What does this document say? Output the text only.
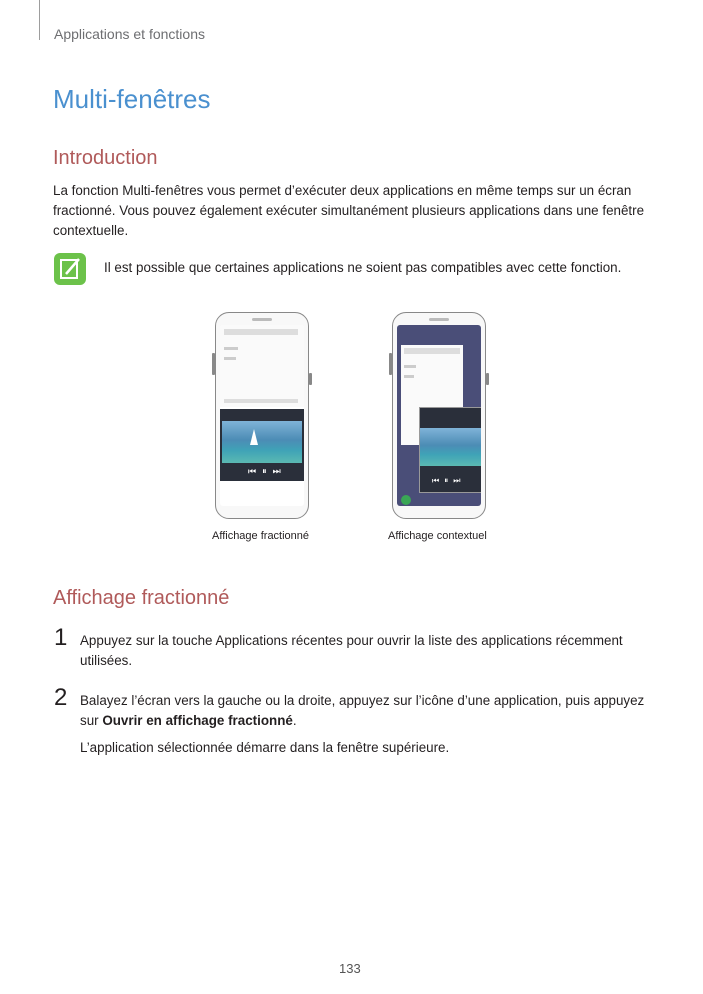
Applications et fonctions
Multi-fenêtres
Introduction

La fonction Multi-fenêtres vous permet d’exécuter deux applications en même temps sur un écran fractionné. Vous pouvez également exécuter simultanément plusieurs applications dans une fenêtre contextuelle.

Il est possible que certaines applications ne soient pas compatibles avec cette fonction.
⏮⏸⏭
Affichage fractionné
⏮⏸⏭
Affichage contextuel
Affichage fractionné
1 Appuyez sur la touche Applications récentes pour ouvrir la liste des applications récemment utilisées.

2 Balayez l’écran vers la gauche ou la droite, appuyez sur l’icône d’une application, puis appuyez sur Ouvrir en affichage fractionné.

L’application sélectionnée démarre dans la fenêtre supérieure.

133
